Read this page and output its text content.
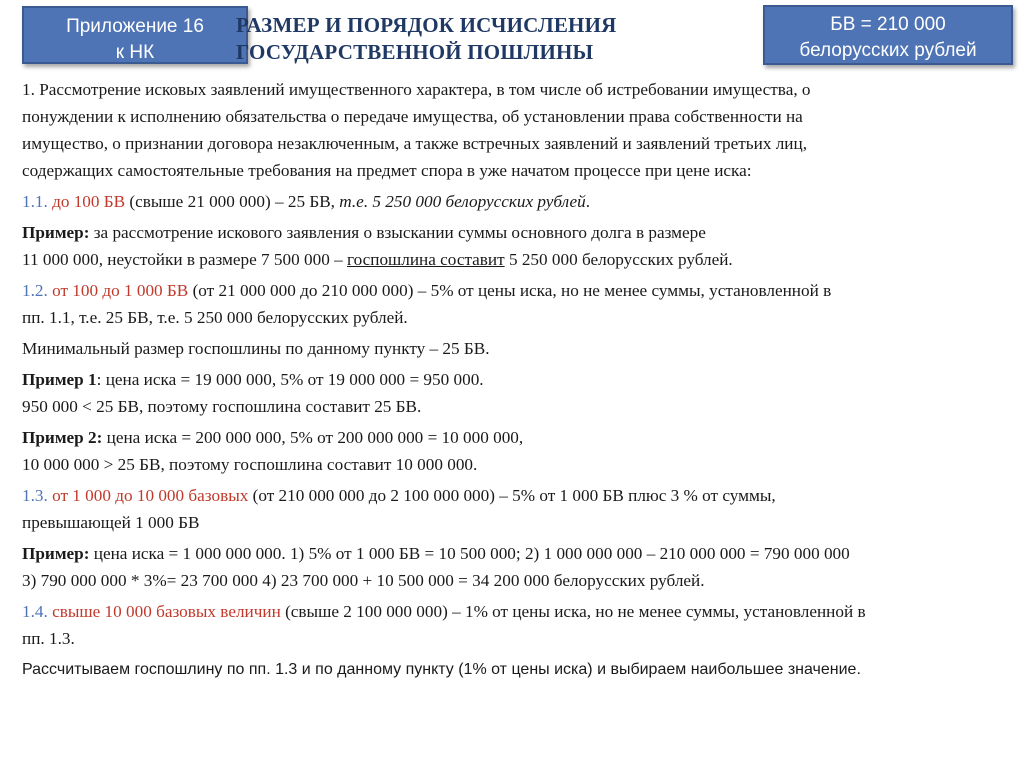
Приложение 16
к НК
РАЗМЕР И ПОРЯДОК ИСЧИСЛЕНИЯ
ГОСУДАРСТВЕННОЙ ПОШЛИНЫ
БВ = 210 000
белорусских рублей
1. Рассмотрение исковых заявлений имущественного характера, в том числе об истребовании имущества, о
понуждении к исполнению обязательства о передаче имущества, об установлении права собственности на
имущество, о признании договора незаключенным, а также встречных заявлений и заявлений третьих лиц,
содержащих самостоятельные требования на предмет спора в уже начатом процессе при цене иска:
1.1. до 100 БВ (свыше 21 000 000) – 25 БВ, т.е. 5 250 000 белорусских рублей.
Пример: за рассмотрение искового заявления о взыскании суммы основного долга в размере
11 000 000, неустойки в размере 7 500 000 – госпошлина составит 5 250 000 белорусских рублей.
1.2. от 100 до 1 000 БВ (от 21 000 000 до 210 000 000) – 5% от цены иска, но не менее суммы, установленной в
пп. 1.1, т.е. 25 БВ, т.е. 5 250 000 белорусских рублей.
Минимальный размер госпошлины по данному пункту – 25 БВ.
Пример 1: цена иска = 19 000 000, 5% от 19 000 000 = 950 000.
950 000 < 25 БВ, поэтому госпошлина составит 25 БВ.
Пример 2: цена иска = 200 000 000, 5% от 200 000 000 = 10 000 000,
10 000 000 > 25 БВ, поэтому госпошлина составит 10 000 000.
1.3. от 1 000 до 10 000 базовых (от 210 000 000 до 2 100 000 000) – 5% от 1 000 БВ плюс 3 % от суммы,
превышающей 1 000 БВ
Пример: цена иска = 1 000 000 000. 1) 5% от 1 000 БВ = 10 500 000; 2) 1 000 000 000 – 210 000 000 = 790 000 000
3) 790 000 000 * 3%= 23 700 000 4) 23 700 000 + 10 500 000 = 34 200 000 белорусских рублей.
1.4. свыше 10 000 базовых величин (свыше 2 100 000 000) – 1% от цены иска, но не менее суммы, установленной в
пп. 1.3.
Рассчитываем госпошлину по пп. 1.3 и по данному пункту (1% от цены иска) и выбираем наибольшее значение.
